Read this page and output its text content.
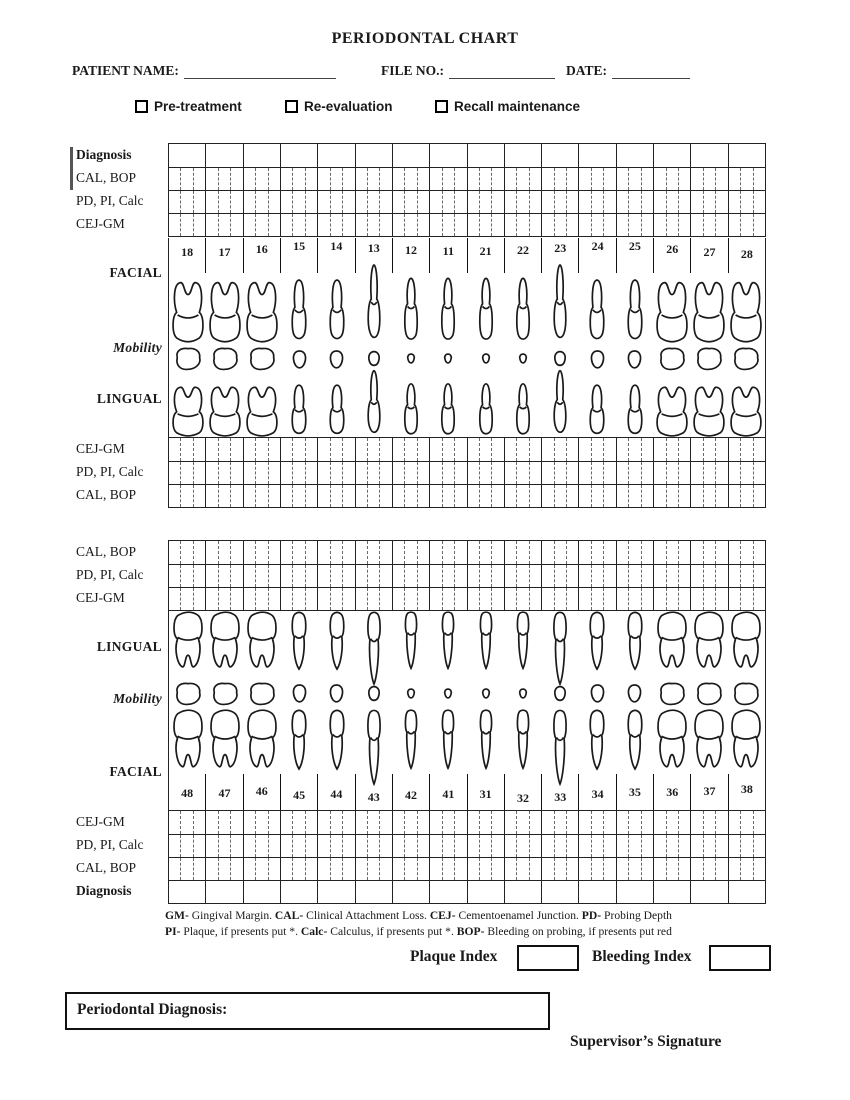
PERIODONTAL CHART
PATIENT NAME:	FILE NO.:	DATE:
Pre-treatment	Re-evaluation	Recall maintenance
Diagnosis
CAL, BOP
PD, PI, Calc
CEJ-GM
18	17	16	15	14	13	12	11	21	22	23	24	25	26	27	28
FACIAL
Mobility
LINGUAL
CEJ-GM
PD, PI, Calc
CAL, BOP
CAL, BOP
PD, PI, Calc
CEJ-GM
48	47	46	45	44	43	42	41	31	32	33	34	35	36	37	38
LINGUAL
Mobility
FACIAL
CEJ-GM
PD, PI, Calc
CAL, BOP
Diagnosis
GM- Gingival Margin. CAL- Clinical Attachment Loss. CEJ- Cementoenamel Junction. PD- Probing Depth
PI- Plaque, if presents put *. Calc- Calculus, if presents put *. BOP- Bleeding on probing, if presents put red
Plaque Index	Bleeding Index
Periodontal Diagnosis:
Supervisor’s Signature
